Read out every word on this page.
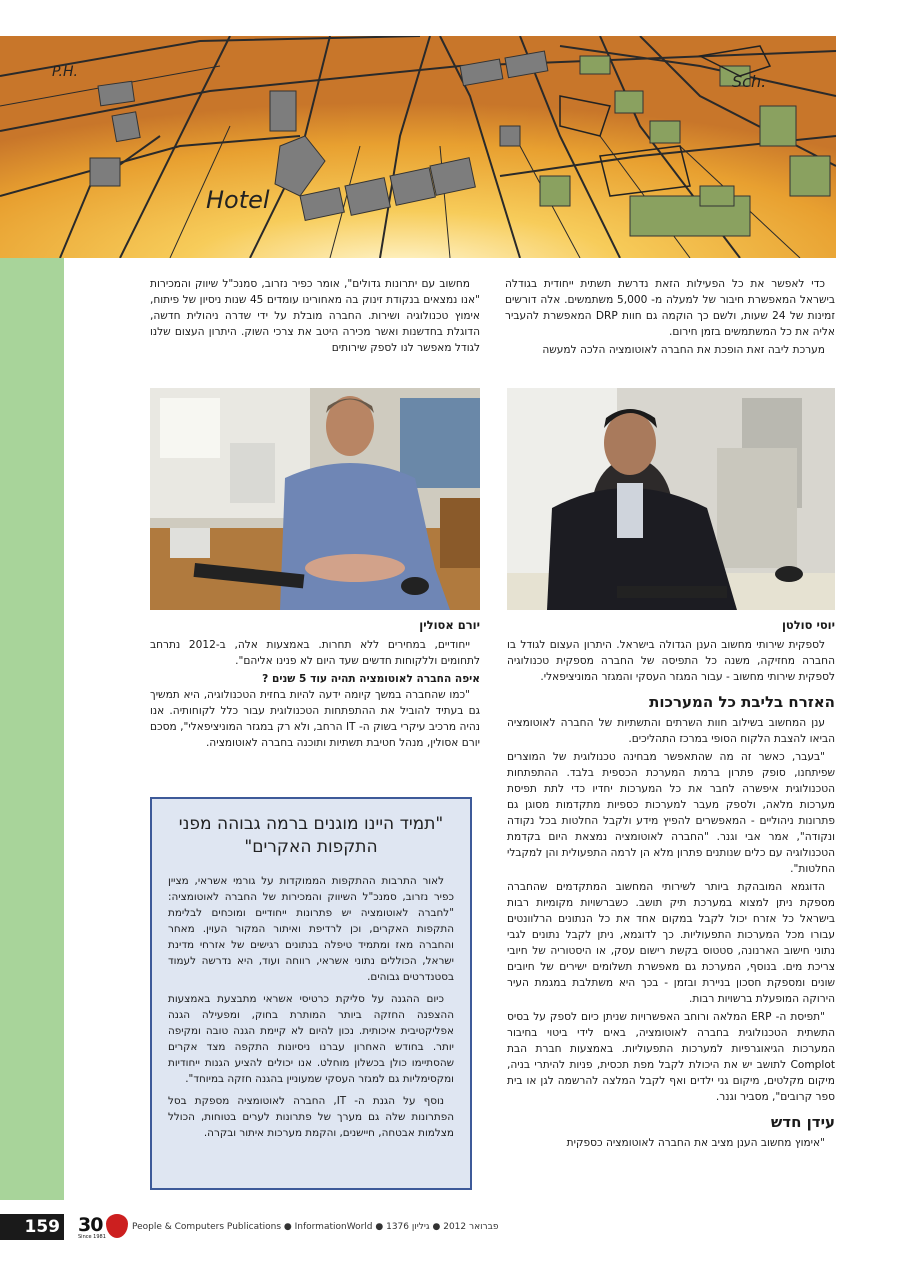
P.H.
Hotel
Sch.

כדי לאפשר את כל הפעילות הזאת נדרשת תשתית ייחודית בגודלה בישראל המאפשרת חיבור של למעלה מ- 5,000 משתמשים. אלה דורשים זמינות של 24 שעות, ולשם כך הוקמה גם חוות DRP המאפשרת להעביר אליה את כל המשתמשים בזמן חירום.

מערכת ליבה זאת הופכת את החברה לאוטומציה הלכה למעשה

מחשוב עם יתרונות גדולים", אומר כפיר נזרוב, סמנכ"ל שיווק והמכירות "אנו נמצאים בנקודת זינוק בה מאחורינו עומדים 45 שנות ניסיון של פיתוח, אימוץ טכנולוגיה ושירות. החברה מובלת על ידי שדרה ניהולית חדשה, הדוגלת בחדשנות ואשר מכירה היטב את צרכי השוק. היתרון העצום שלנו לגודל מאפשר לנו לספק שירותים

יוסי סולטן
יורם אסולין

לספקית שירותי מחשוב הענן הגדולה בישראל. היתרון העצום לגודל בו החברה מחזיקה, משנה כל התפיסה של החברה מספקית טכנולוגיה לספקית שירותי מחשוב - עבור המגזר העסקי והמגזר המוניציפאלי.

האזרח בליבת כל המערכות

ענן המחשוב בשילוב חוות השרתים והתשתיות של החברה לאוטומציה הביאו להצבת הלקוח הסופי במרכז התהליכים.

"בעבר, כאשר זה מה שהתאפשר מבחינה טכנולוגית של המוצרים שפיתחנו, סופק פתרון ברמת המערכת הכספית בלבד. ההתפתחות הטכנולוגית איפשרה לחבר את כל המערכות יחדיו כדי לתת תפיסת מערכות מלאה, ולספק מעבר למערכות כספיות מתקדמות מסוגן גם פתרונות ניהוליים - המאפשרים להפיץ מידע ולקבל החלטות בכל נקודה ונקודה", אמר אבי וגנר. "החברה לאוטומציה נמצאת היום בקדמת הטכנולוגיה עם כלים שנותנים פתרון מלא הן לרמה התפעולית והן למקבלי החלטות".

הדוגמא המובהקת ביותר לשירותי המחשוב המתקדמים שהחברה מספקת ניתן למצוא במערכת תיק תושב. כשברשויות מקומיות רבות בישראל כל אזרח יכול לקבל במקום אחד את כל הנתונים הרלוונטים עבורו מכל המערכות התפעוליות. כך לדוגמא, ניתן לקבל נתונים לגבי נתוני חישוב הארנונה, סטטוס בקשת רישום עסק, או היסטוריה של חיובי צריכת מים. בנוסף, המערכת גם מאפשרת תשלומים ישירים של חיובים שונים ומספקת חסכון בניירת ובזמן - בכך היא משתלבת במגמת העיר הירוקה המופעלת ברשויות רבות.

"תפיסת ה- ERP המלאה ורוחב האפשרויות שניתן כיום לספק על בסיס התשתית הטכנולוגית בחברה לאוטומציה, באים לידי ביטוי בחיבור המערכות הגיאוגרפיות למערכות התפעוליות. באמצעות חברת הבת Complot לתושב יש את היכולת לקבל מפת תכסית, פניות להיתרי בניה, מיקום מקלטים, מיקום גני ילדים ואף לקבל המלצה להרשמה לגן או בית ספר קרובים", מסביר וגנר.

עידן חדש

"אימוץ מחשוב הענן מציב את החברה לאוטומציה כספקית

ייחודיים, במחירים ללא תחרות. באמצעות אלה, ב-2012 נתרחב לתחומים וללקוחות חדשים שעד היום לא פנינו אליהם".

איפה החברה לאוטומציה תהיה עוד 5 שנים ?

"כמו שהחברה במשך קיומה ידעה להיות בחזית הטכנולוגיה, היא תמשיך גם בעתיד להוביל את ההתפתחות הטכנולוגית עבור כלל לקוחותיה. אנו נהיה מרכיב עיקרי בשוק ה- IT הרחב, ולא רק במגזר המוניציפאלי", מסכם יורם אסולין, מנהל חטיבת תשתיות ותוכנה בחברה לאוטומציה.

"תמיד היינו מוגנים ברמה גבוהה מפני התקפות האקרים"

לאור התרבות ההתקפות הממוקדות על גורמי אשראי, מציין כפיר נזרוב, סמנכ"ל השיווק והמכירות של החברה לאוטומציה: "לחברה לאוטומציה יש פתרונות ייחודיים ומוכחים לבלימת התקפות האקרים, וכן לרדיפת ואיתור המקור העוין. מאחר והחברה מאז ומתמיד טיפלה בנתונים רגישים של אזרחי מדינת ישראל, הכוללים נתוני אשראי, רווחה ועוד, היא נדרשה לעמוד בסטנדרטים גבוהים.

כיום ההגנה על סליקת כרטיסי אשראי מתבצעת באמצעות ההצפנה החזקה ביותר המותרת בחוק, ומפעילה הגנה אפליקטיבית איכותית. נכון להיום לא קיימת הגנה טובה ומקיפה יותר. בחודש האחרון עברנו ניסיונות התקפה מצד אקרים שהסתיימו כולן בכשלון מוחלט. אנו יכולים להציע הגנות ייחודיות ומקסימליות גם למגזר העסקי שמעוניין בהגנה חזקה במיוחד".

נוסף על הגנת ה- IT, החברה לאוטומציה מספקת בסל הפתרונות שלה גם מערך של פתרונות לערים בטוחות, הכולל מצלמות אבטחה, חיישנים, והקמת מערכות איתור ובקרה.

159 30
Since 1981
People & Computers Publications ● InformationWorld ●	פברואר 2012 ● גיליון 1376
